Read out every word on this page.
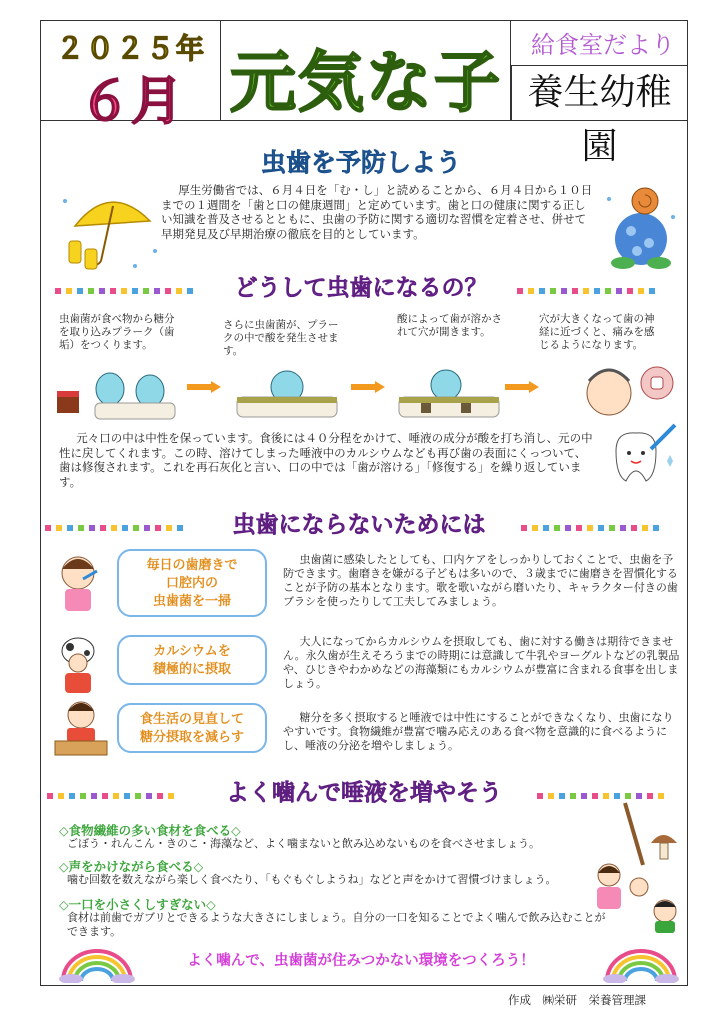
２０２５年
６月 元気な子	給食室だより
養生幼稚園
虫歯を予防しよう
厚生労働省では、６月４日を「む・し」と読めることから、６月４日から１０日までの１週間を「歯と口の健康週間」と定めています。歯と口の健康に関する正しい知識を普及させるとともに、虫歯の予防に関する適切な習慣を定着させ、併せて早期発見及び早期治療の徹底を目的としています。
どうして虫歯になるの？
虫歯菌が食べ物から糖分を取り込みプラーク（歯垢）をつくります。
さらに虫歯菌が、プラークの中で酸を発生させます。
酸によって歯が溶かされて穴が開きます。
穴が大きくなって歯の神経に近づくと、痛みを感じるようになります。
元々口の中は中性を保っています。食後には４０分程をかけて、唾液の成分が酸を打ち消し、元の中性に戻してくれます。この時、溶けてしまった唾液中のカルシウムなども再び歯の表面にくっついて、歯は修復されます。これを再石灰化と言い、口の中では「歯が溶ける」「修復する」を繰り返しています。
虫歯にならないためには
毎日の歯磨きで
口腔内の
虫歯菌を一掃
虫歯菌に感染したとしても、口内ケアをしっかりしておくことで、虫歯を予防できます。歯磨きを嫌がる子どもは多いので、３歳までに歯磨きを習慣化することが予防の基本となります。歌を歌いながら磨いたり、キャラクター付きの歯ブラシを使ったりして工夫してみましょう。
カルシウムを
積極的に摂取
大人になってからカルシウムを摂取しても、歯に対する働きは期待できません。永久歯が生えそろうまでの時期には意識して牛乳やヨーグルトなどの乳製品や、ひじきやわかめなどの海藻類にもカルシウムが豊富に含まれる食事を出しましょう。
食生活の見直して
糖分摂取を減らす
糖分を多く摂取すると唾液では中性にすることができなくなり、虫歯になりやすいです。食物繊維が豊富で噛み応えのある食べ物を意識的に食べるようにし、唾液の分泌を増やしましょう。
よく噛んで唾液を増やそう
◇食物繊維の多い食材を食べる◇
ごぼう・れんこん・きのこ・海藻など、よく噛まないと飲み込めないものを食べさせましょう。
◇声をかけながら食べる◇
噛む回数を数えながら楽しく食べたり、「もぐもぐしようね」などと声をかけて習慣づけましょう。
◇一口を小さくしすぎない◇
食材は前歯でガブリとできるような大きさにしましょう。自分の一口を知ることでよく噛んで飲み込むことができます。
よく噛んで、虫歯菌が住みつかない環境をつくろう！
作成　㈱栄研　栄養管理課
